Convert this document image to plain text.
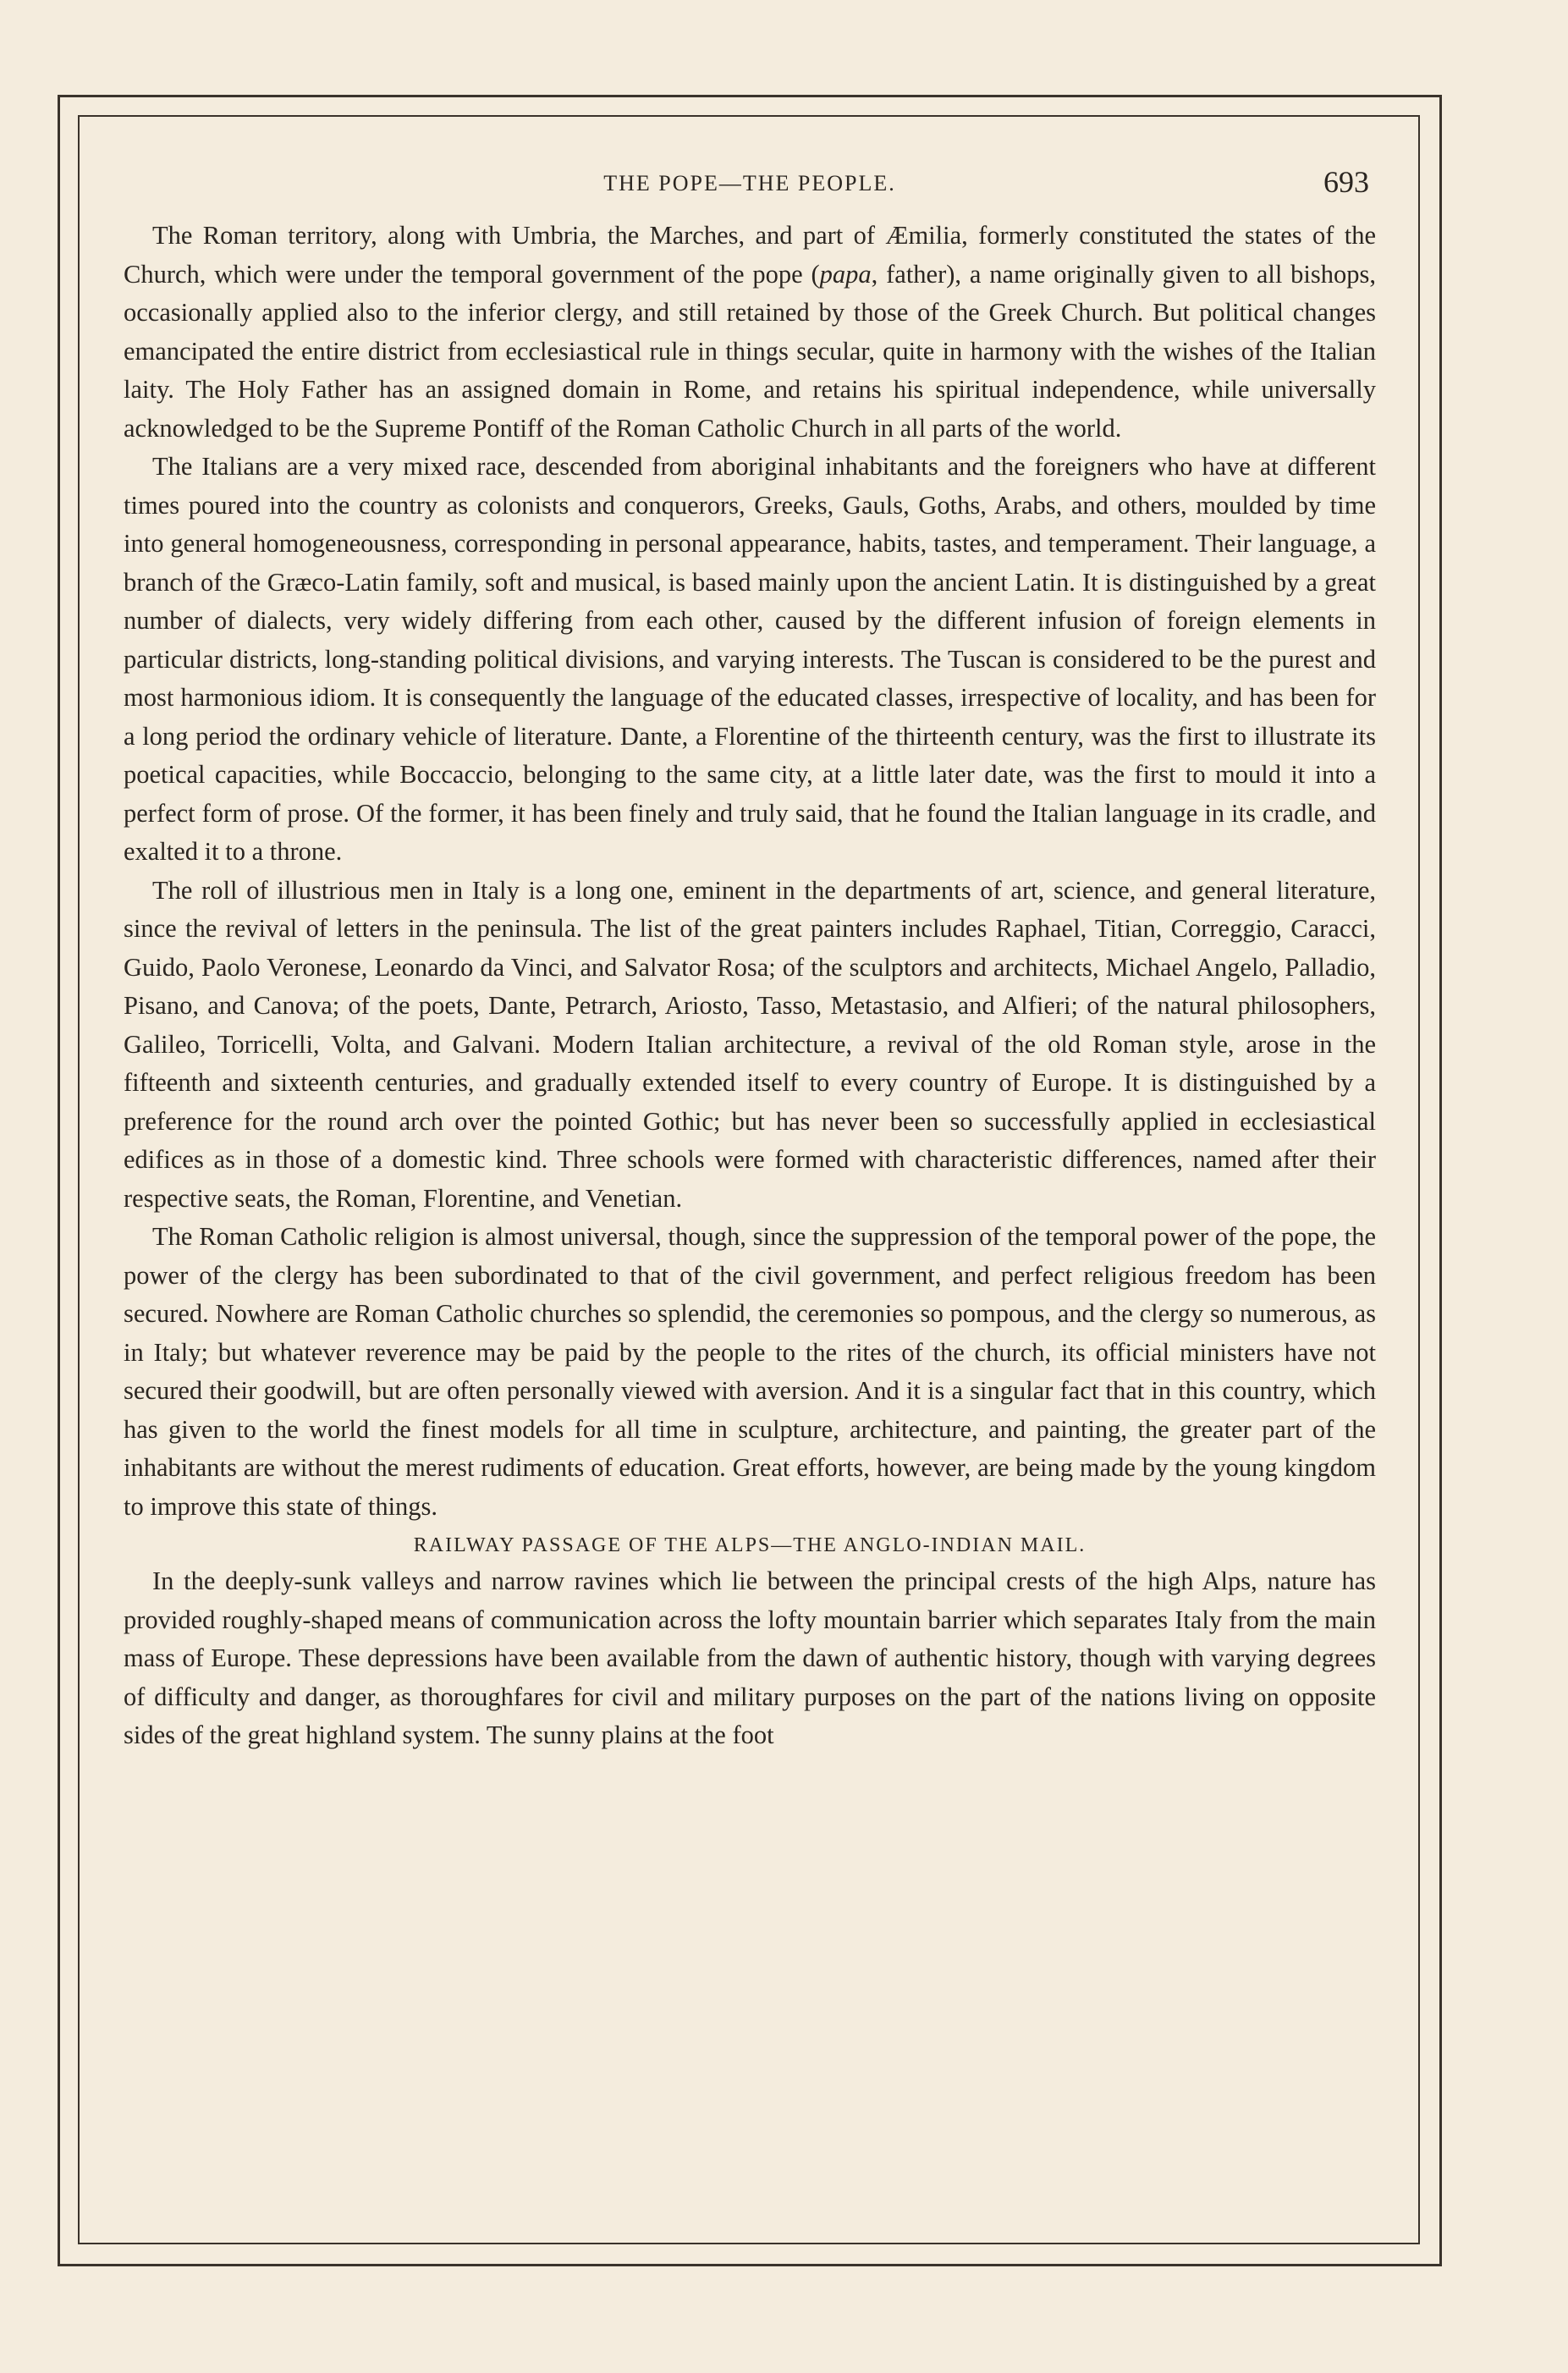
THE POPE—THE PEOPLE.	693

The Roman territory, along with Umbria, the Marches, and part of Æmilia, formerly constituted the states of the Church, which were under the temporal government of the pope (papa, father), a name originally given to all bishops, occasionally applied also to the inferior clergy, and still retained by those of the Greek Church. But political changes emancipated the entire district from ecclesiastical rule in things secular, quite in harmony with the wishes of the Italian laity. The Holy Father has an assigned domain in Rome, and retains his spiritual independence, while universally acknowledged to be the Supreme Pontiff of the Roman Catholic Church in all parts of the world.

The Italians are a very mixed race, descended from aboriginal inhabitants and the foreigners who have at different times poured into the country as colonists and conquerors, Greeks, Gauls, Goths, Arabs, and others, moulded by time into general homogeneousness, corresponding in personal appearance, habits, tastes, and temperament. Their language, a branch of the Græco-Latin family, soft and musical, is based mainly upon the ancient Latin. It is distinguished by a great number of dialects, very widely differing from each other, caused by the different infusion of foreign elements in particular districts, long-standing political divisions, and varying interests. The Tuscan is considered to be the purest and most harmonious idiom. It is consequently the language of the educated classes, irrespective of locality, and has been for a long period the ordinary vehicle of literature. Dante, a Florentine of the thirteenth century, was the first to illustrate its poetical capacities, while Boccaccio, belonging to the same city, at a little later date, was the first to mould it into a perfect form of prose. Of the former, it has been finely and truly said, that he found the Italian language in its cradle, and exalted it to a throne.

The roll of illustrious men in Italy is a long one, eminent in the departments of art, science, and general literature, since the revival of letters in the peninsula. The list of the great painters includes Raphael, Titian, Correggio, Caracci, Guido, Paolo Veronese, Leonardo da Vinci, and Salvator Rosa; of the sculptors and architects, Michael Angelo, Palladio, Pisano, and Canova; of the poets, Dante, Petrarch, Ariosto, Tasso, Metastasio, and Alfieri; of the natural philosophers, Galileo, Torricelli, Volta, and Galvani. Modern Italian architecture, a revival of the old Roman style, arose in the fifteenth and sixteenth centuries, and gradually extended itself to every country of Europe. It is distinguished by a preference for the round arch over the pointed Gothic; but has never been so successfully applied in ecclesiastical edifices as in those of a domestic kind. Three schools were formed with characteristic differences, named after their respective seats, the Roman, Florentine, and Venetian.

The Roman Catholic religion is almost universal, though, since the suppression of the temporal power of the pope, the power of the clergy has been subordinated to that of the civil government, and perfect religious freedom has been secured. Nowhere are Roman Catholic churches so splendid, the ceremonies so pompous, and the clergy so numerous, as in Italy; but whatever reverence may be paid by the people to the rites of the church, its official ministers have not secured their goodwill, but are often personally viewed with aversion. And it is a singular fact that in this country, which has given to the world the finest models for all time in sculpture, architecture, and painting, the greater part of the inhabitants are without the merest rudiments of education. Great efforts, however, are being made by the young kingdom to improve this state of things.

RAILWAY PASSAGE OF THE ALPS—THE ANGLO-INDIAN MAIL.

In the deeply-sunk valleys and narrow ravines which lie between the principal crests of the high Alps, nature has provided roughly-shaped means of communication across the lofty mountain barrier which separates Italy from the main mass of Europe. These depressions have been available from the dawn of authentic history, though with varying degrees of difficulty and danger, as thoroughfares for civil and military purposes on the part of the nations living on opposite sides of the great highland system. The sunny plains at the foot
